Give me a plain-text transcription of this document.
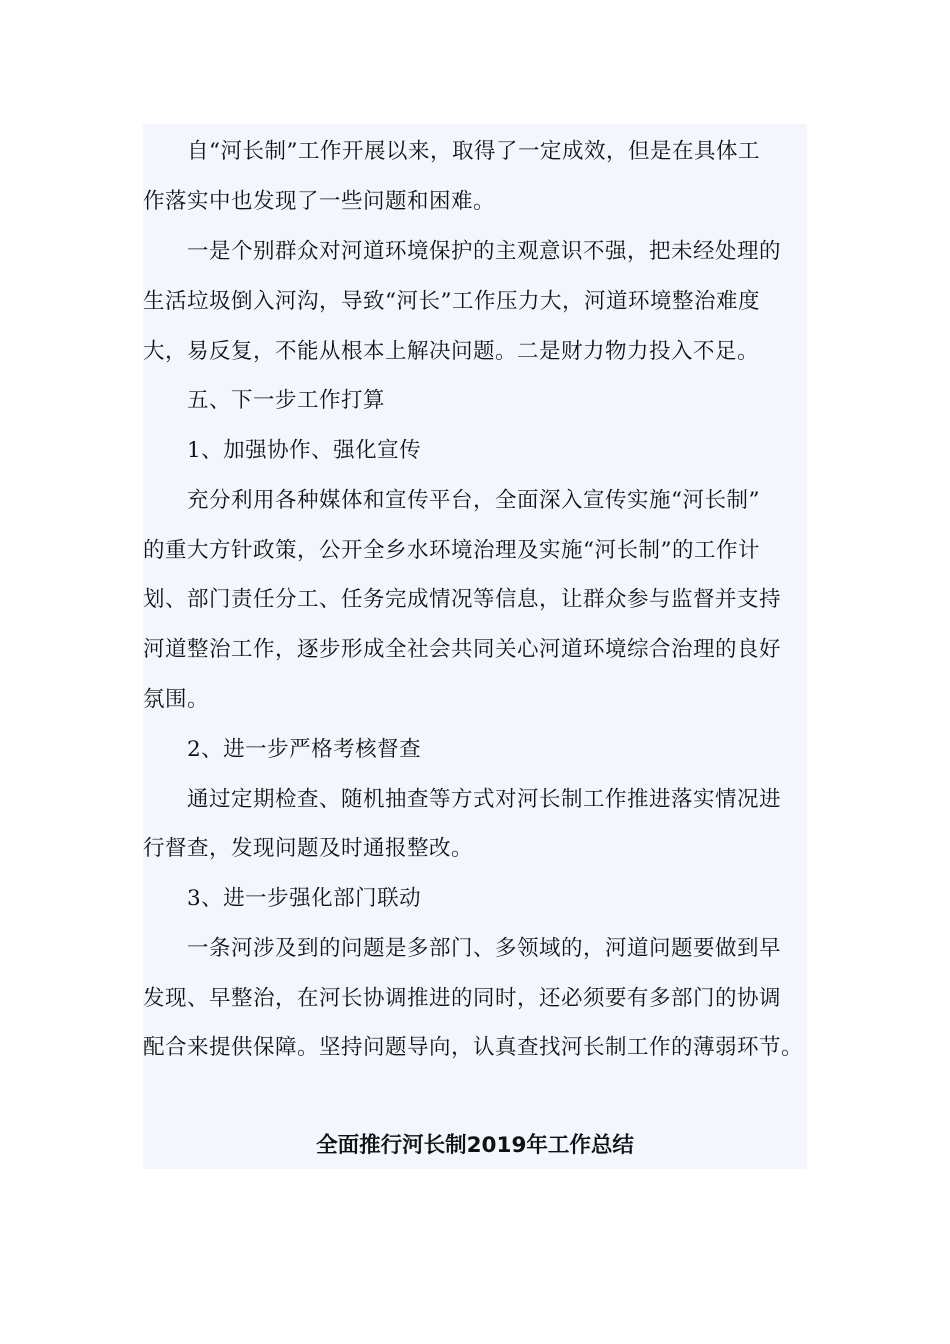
　　自“河长制”工作开展以来，取得了一定成效，但是在具体工

作落实中也发现了一些问题和困难。

　　一是个别群众对河道环境保护的主观意识不强，把未经处理的

生活垃圾倒入河沟，导致“河长”工作压力大，河道环境整治难度

大，易反复，不能从根本上解决问题。二是财力物力投入不足。

　　五、下一步工作打算

　　1、加强协作、强化宣传

　　充分利用各种媒体和宣传平台，全面深入宣传实施“河长制”

的重大方针政策，公开全乡水环境治理及实施“河长制”的工作计

划、部门责任分工、任务完成情况等信息，让群众参与监督并支持

河道整治工作，逐步形成全社会共同关心河道环境综合治理的良好

氛围。

　　2、进一步严格考核督查

　　通过定期检查、随机抽查等方式对河长制工作推进落实情况进

行督查，发现问题及时通报整改。

　　3、进一步强化部门联动

　　一条河涉及到的问题是多部门、多领域的，河道问题要做到早

发现、早整治，在河长协调推进的同时，还必须要有多部门的协调

配合来提供保障。坚持问题导向，认真查找河长制工作的薄弱环节。

全面推行河长制2019年工作总结
